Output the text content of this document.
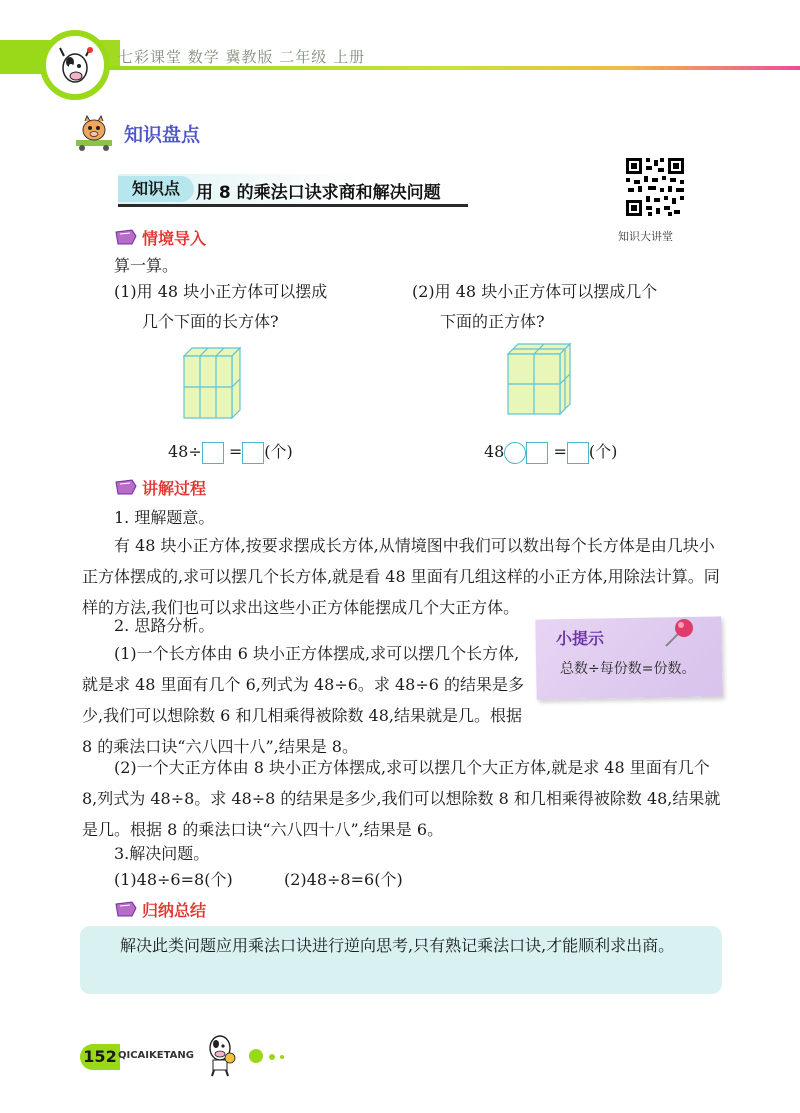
七彩课堂 数学 冀教版 二年级 上册
知识盘点
知识点 用 8 的乘法口诀求商和解决问题
知识大讲堂
情境导入
算一算。
(1)用 48 块小正方体可以摆成
几个下面的长方体?
(2)用 48 块小正方体可以摆成几个
下面的正方体?
48÷ = (个)	48	= (个)
讲解过程
1. 理解题意。
有 48 块小正方体,按要求摆成长方体,从情境图中我们可以数出每个长方体是由几块小正方体摆成的,求可以摆几个长方体,就是看 48 里面有几组这样的小正方体,用除法计算。同样的方法,我们也可以求出这些小正方体能摆成几个大正方体。
2. 思路分析。
(1)一个长方体由 6 块小正方体摆成,求可以摆几个长方体,就是求 48 里面有几个 6,列式为 48÷6。求 48÷6 的结果是多少,我们可以想除数 6 和几相乘得被除数 48,结果就是几。根据 8 的乘法口诀“六八四十八”,结果是 8。
(2)一个大正方体由 8 块小正方体摆成,求可以摆几个大正方体,就是求 48 里面有几个 8,列式为 48÷8。求 48÷8 的结果是多少,我们可以想除数 8 和几相乘得被除数 48,结果就是几。根据 8 的乘法口诀“六八四十八”,结果是 6。
3.解决问题。
(1)48÷6=8(个)	(2)48÷8=6(个)
小提示
总数÷每份数=份数。
归纳总结
解决此类问题应用乘法口诀进行逆向思考,只有熟记乘法口诀,才能顺利求出商。
152 QICAIKETANG
